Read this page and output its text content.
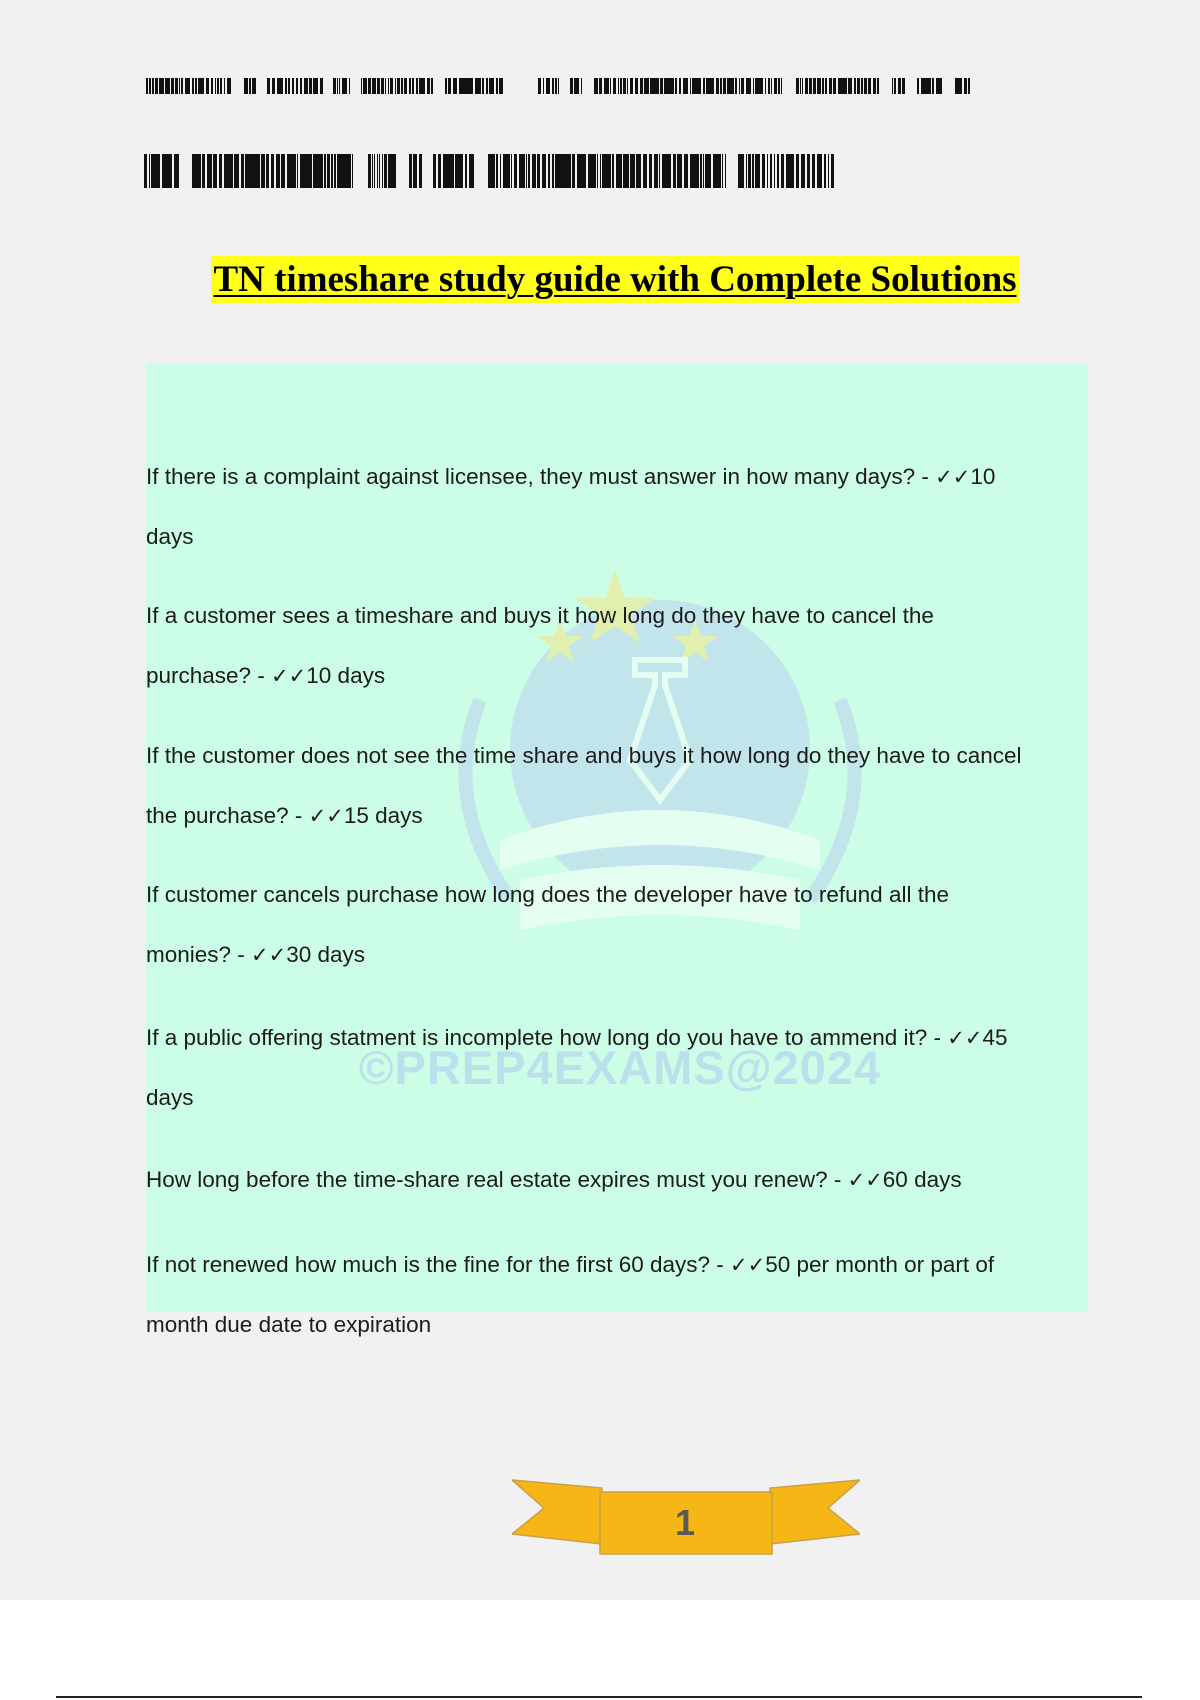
TN timeshare study guide with Complete Solutions
©PREP4EXAMS@2024
If there is a complaint against licensee, they must answer in how many days? - ✓✓10
days
If a customer sees a timeshare and buys it how long do they have to cancel the
purchase? - ✓✓10 days
If the customer does not see the time share and buys it how long do they have to cancel
the purchase? - ✓✓15 days
If customer cancels purchase how long does the developer have to refund all the
monies? - ✓✓30 days
If a public offering statment is incomplete how long do you have to ammend it? - ✓✓45
days
How long before the time-share real estate expires must you renew? - ✓✓60 days
If not renewed how much is the fine for the first 60 days? - ✓✓50 per month or part of
month due date to expiration
1
